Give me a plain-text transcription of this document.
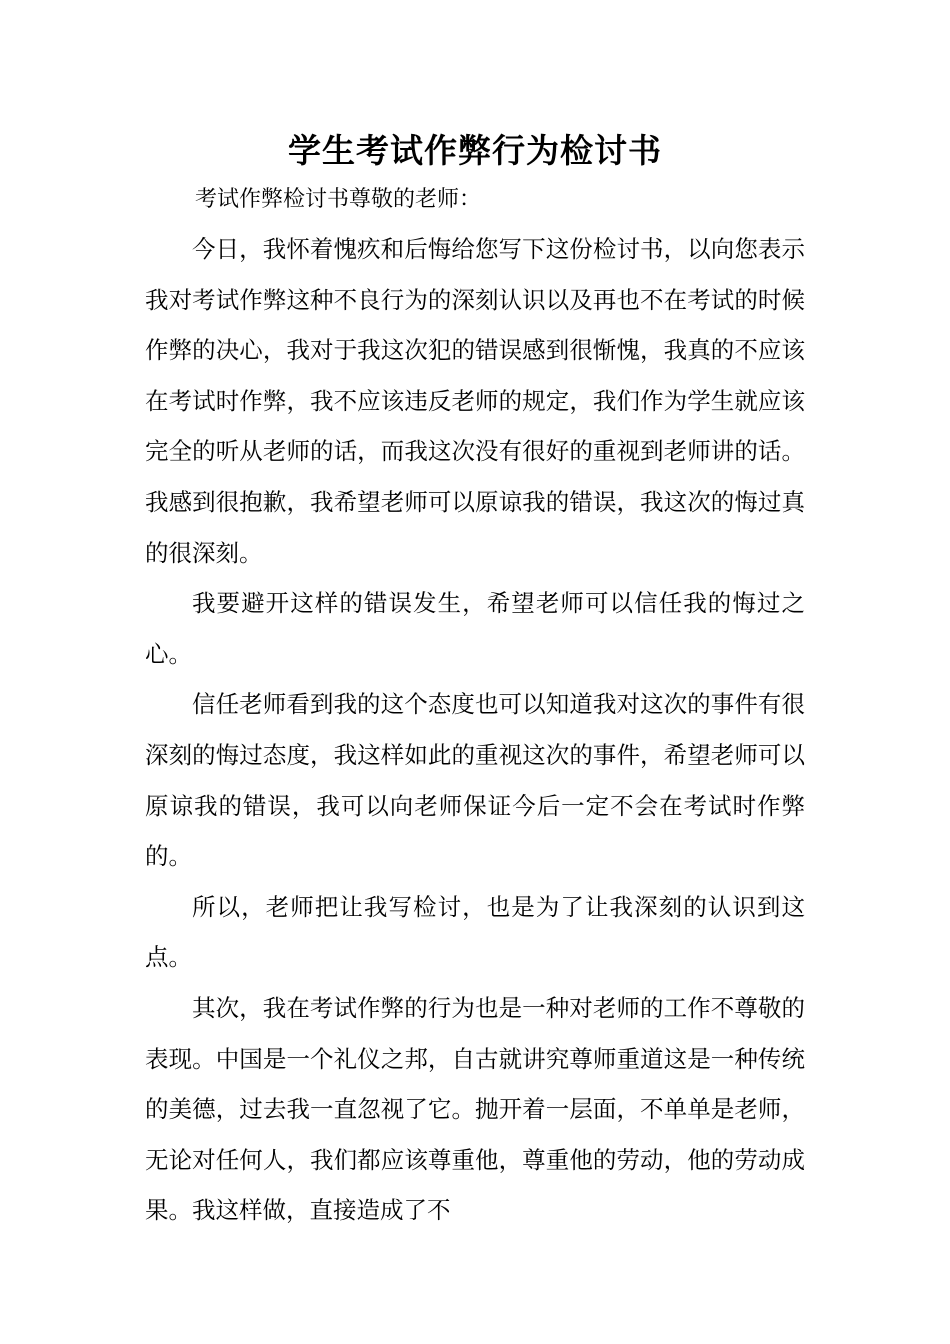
学生考试作弊行为检讨书
考试作弊检讨书尊敬的老师：

今日，我怀着愧疚和后悔给您写下这份检讨书，以向您表示我对考试作弊这种不良行为的深刻认识以及再也不在考试的时候作弊的决心，我对于我这次犯的错误感到很惭愧，我真的不应该在考试时作弊，我不应该违反老师的规定，我们作为学生就应该完全的听从老师的话，而我这次没有很好的重视到老师讲的话。我感到很抱歉，我希望老师可以原谅我的错误，我这次的悔过真的很深刻。

我要避开这样的错误发生，希望老师可以信任我的悔过之心。

信任老师看到我的这个态度也可以知道我对这次的事件有很深刻的悔过态度，我这样如此的重视这次的事件，希望老师可以原谅我的错误，我可以向老师保证今后一定不会在考试时作弊的。

所以，老师把让我写检讨，也是为了让我深刻的认识到这点。

其次，我在考试作弊的行为也是一种对老师的工作不尊敬的表现。中国是一个礼仪之邦，自古就讲究尊师重道这是一种传统的美德，过去我一直忽视了它。抛开着一层面，不单单是老师，无论对任何人，我们都应该尊重他，尊重他的劳动，他的劳动成果。我这样做，直接造成了不
